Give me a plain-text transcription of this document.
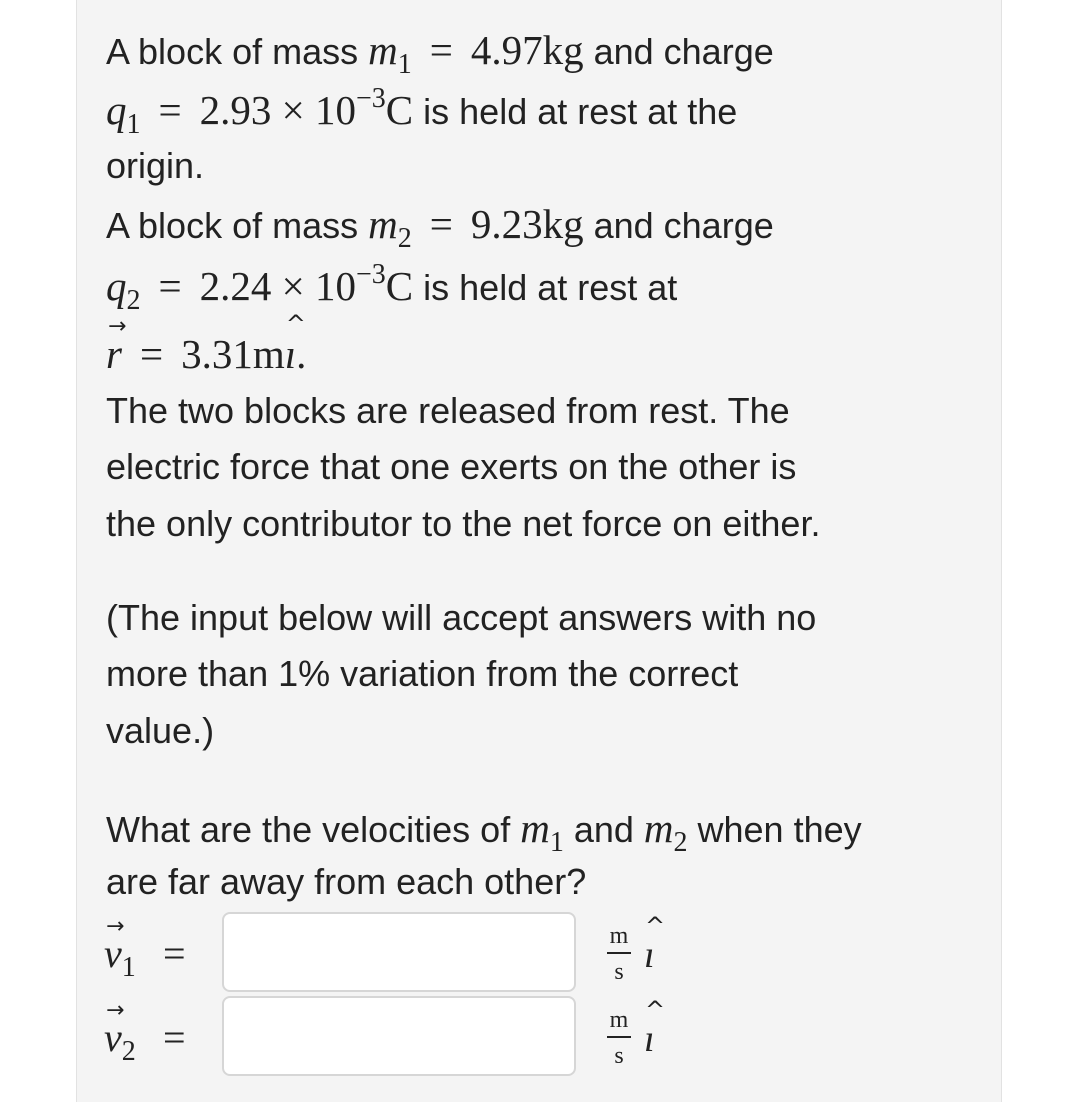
A block of mass $m_1 = 4.97kg$ and charge
$q_1 = 2.93 \times 10^{-3}C$ is held at rest at the
origin.
A block of mass $m_2 = 9.23kg$ and charge
$q_2 = 2.24 \times 10^{-3}C$ is held at rest at
→
r = 3.31m
^
ı.
The two blocks are released from rest. The
electric force that one exerts on the other is
the only contributor to the net force on either.
(The input below will accept answers with no
more than 1% variation from the correct
value.)
What are the velocities of $m_1$ and $m_2$ when they
are far away from each other?
→
$v_1$ =	m
s
^
ı
→
$v_2$ =	m
s
^
ı
